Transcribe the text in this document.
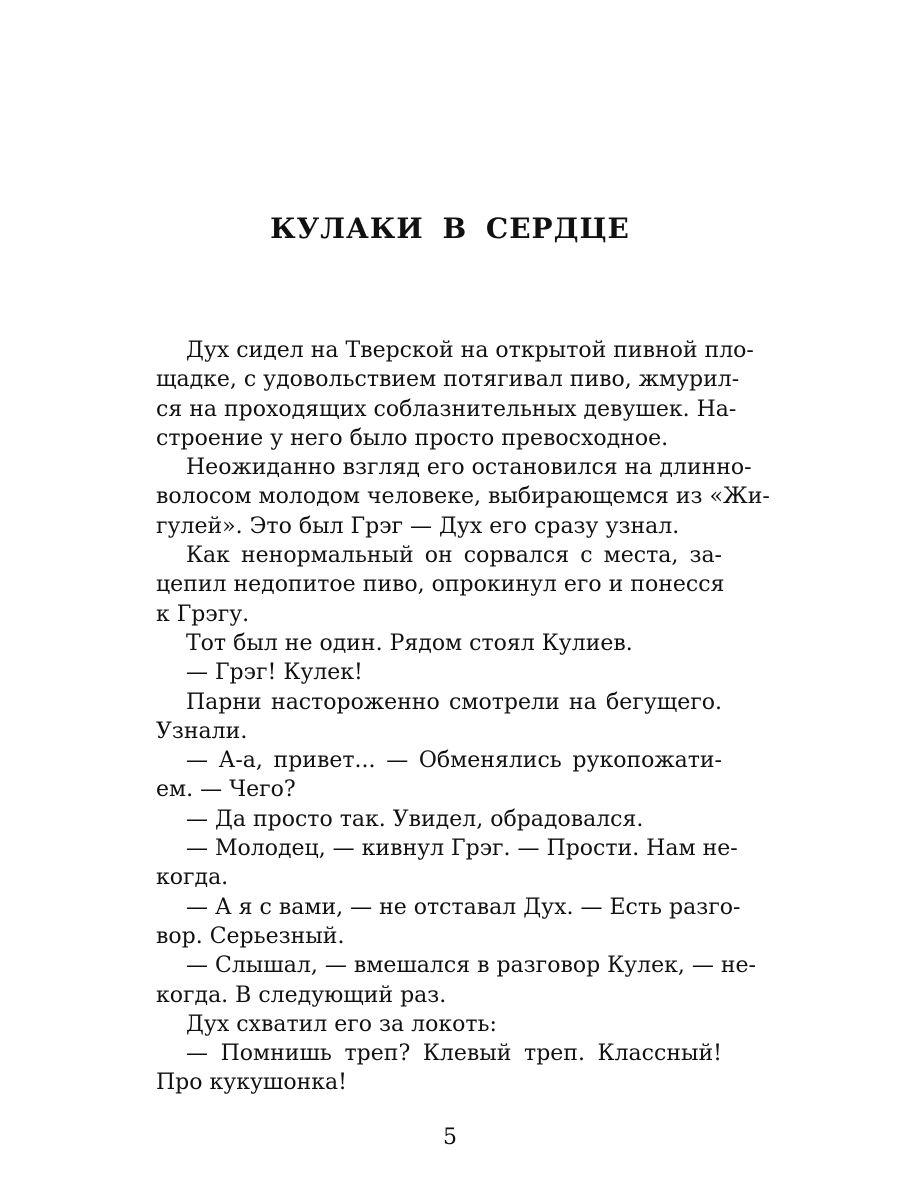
КУЛАКИ В СЕРДЦЕ
Дух сидел на Тверской на открытой пивной пло-
щадке, с удовольствием потягивал пиво, жмурил-
ся на проходящих соблазнительных девушек. На-
строение у него было просто превосходное.
Неожиданно взгляд его остановился на длинно-
волосом молодом человеке, выбирающемся из «Жи-
гулей». Это был Грэг — Дух его сразу узнал.
Как ненормальный он сорвался с места, за-
цепил недопитое пиво, опрокинул его и понесся
к Грэгу.
Тот был не один. Рядом стоял Кулиев.
— Грэг! Кулек!
Парни настороженно смотрели на бегущего.
Узнали.
— А-а, привет... — Обменялись рукопожати-
ем. — Чего?
— Да просто так. Увидел, обрадовался.
— Молодец, — кивнул Грэг. — Прости. Нам не-
когда.
— А я с вами, — не отставал Дух. — Есть разго-
вор. Серьезный.
— Слышал, — вмешался в разговор Кулек, — не-
когда. В следующий раз.
Дух схватил его за локоть:
— Помнишь треп? Клевый треп. Классный!
Про кукушонка!
5
